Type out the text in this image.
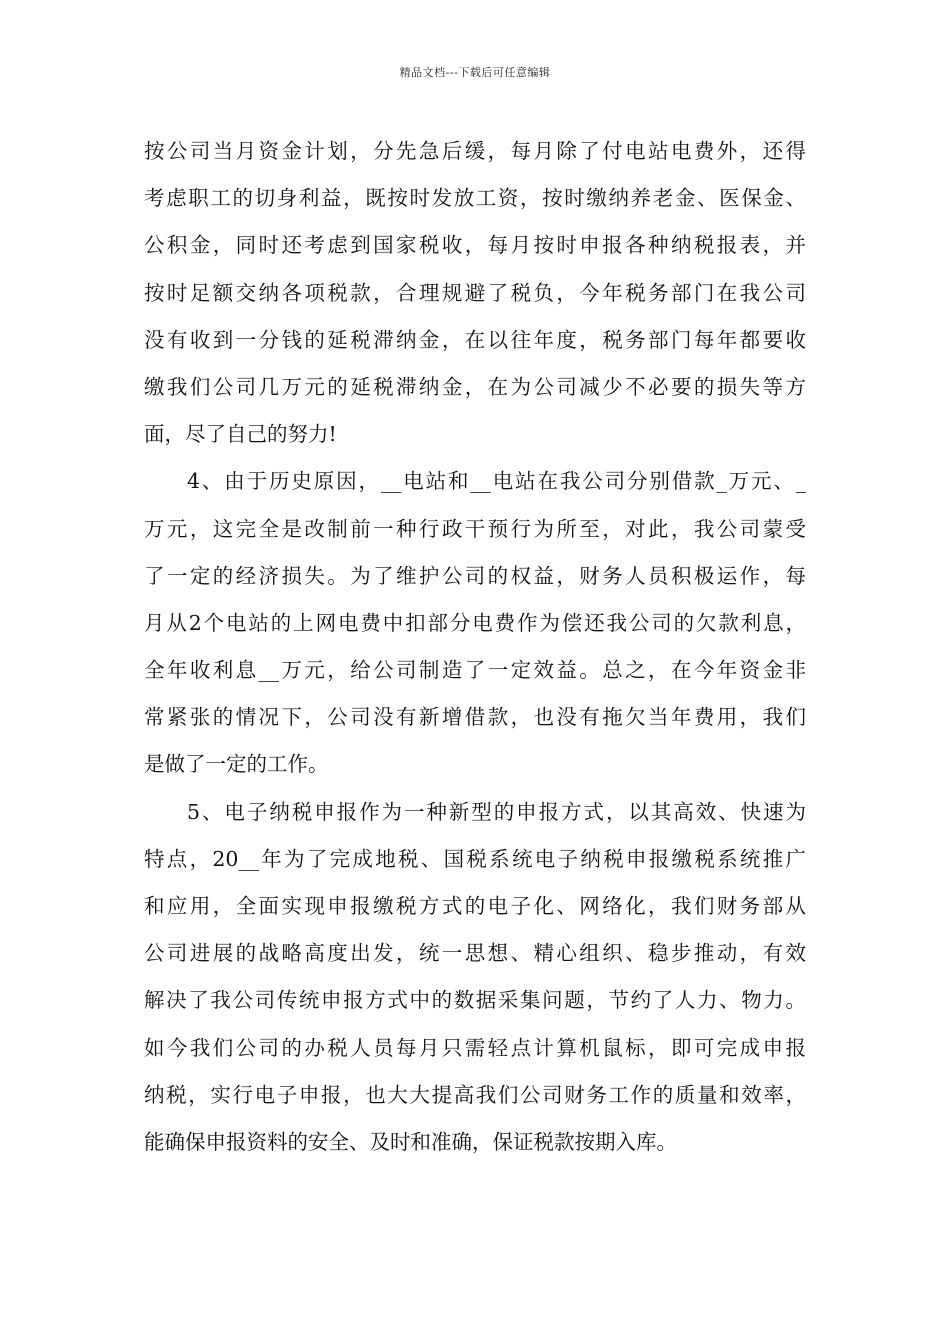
精品文档---下载后可任意编辑
按公司当月资金计划，分先急后缓，每月除了付电站电费外，还得
考虑职工的切身利益，既按时发放工资，按时缴纳养老金、医保金、
公积金，同时还考虑到国家税收，每月按时申报各种纳税报表，并
按时足额交纳各项税款，合理规避了税负，今年税务部门在我公司
没有收到一分钱的延税滞纳金，在以往年度，税务部门每年都要收
缴我们公司几万元的延税滞纳金，在为公司减少不必要的损失等方
面，尽了自己的努力!
4、由于历史原因，__电站和__电站在我公司分别借款_万元、_
万元，这完全是改制前一种行政干预行为所至，对此，我公司蒙受
了一定的经济损失。为了维护公司的权益，财务人员积极运作，每
月从2个电站的上网电费中扣部分电费作为偿还我公司的欠款利息，
全年收利息__万元，给公司制造了一定效益。总之，在今年资金非
常紧张的情况下，公司没有新增借款，也没有拖欠当年费用，我们
是做了一定的工作。
5、电子纳税申报作为一种新型的申报方式，以其高效、快速为
特点，20__年为了完成地税、国税系统电子纳税申报缴税系统推广
和应用，全面实现申报缴税方式的电子化、网络化，我们财务部从
公司进展的战略高度出发，统一思想、精心组织、稳步推动，有效
解决了我公司传统申报方式中的数据采集问题，节约了人力、物力。
如今我们公司的办税人员每月只需轻点计算机鼠标，即可完成申报
纳税，实行电子申报，也大大提高我们公司财务工作的质量和效率，
能确保申报资料的安全、及时和准确，保证税款按期入库。
